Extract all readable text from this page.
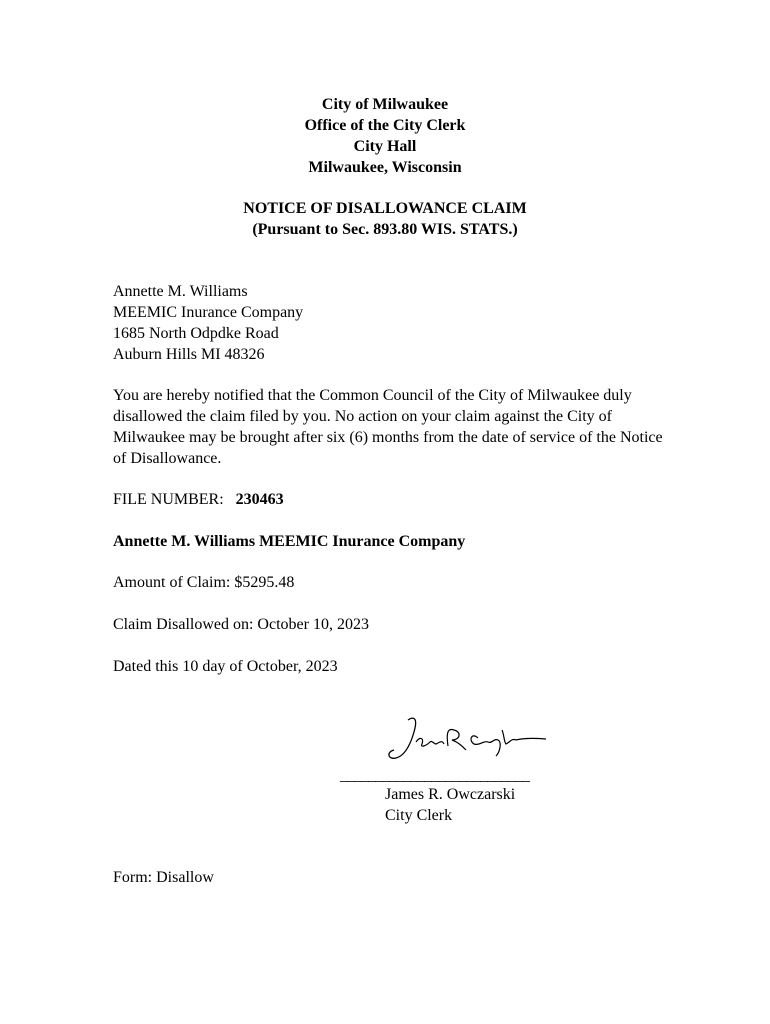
City of Milwaukee
Office of the City Clerk
City Hall
Milwaukee, Wisconsin
NOTICE OF DISALLOWANCE CLAIM
(Pursuant to Sec. 893.80 WIS. STATS.)
Annette M. Williams
MEEMIC Inurance Company
1685 North Odpdke Road
Auburn Hills MI 48326
You are hereby notified that the Common Council of the City of Milwaukee duly disallowed the claim filed by you. No action on your claim against the City of Milwaukee may be brought after six (6) months from the date of service of the Notice of Disallowance.
FILE NUMBER: 230463
Annette M. Williams MEEMIC Inurance Company
Amount of Claim: $5295.48
Claim Disallowed on: October 10, 2023
Dated this 10 day of October, 2023
___________________________
James R. Owczarski
City Clerk
Form: Disallow
